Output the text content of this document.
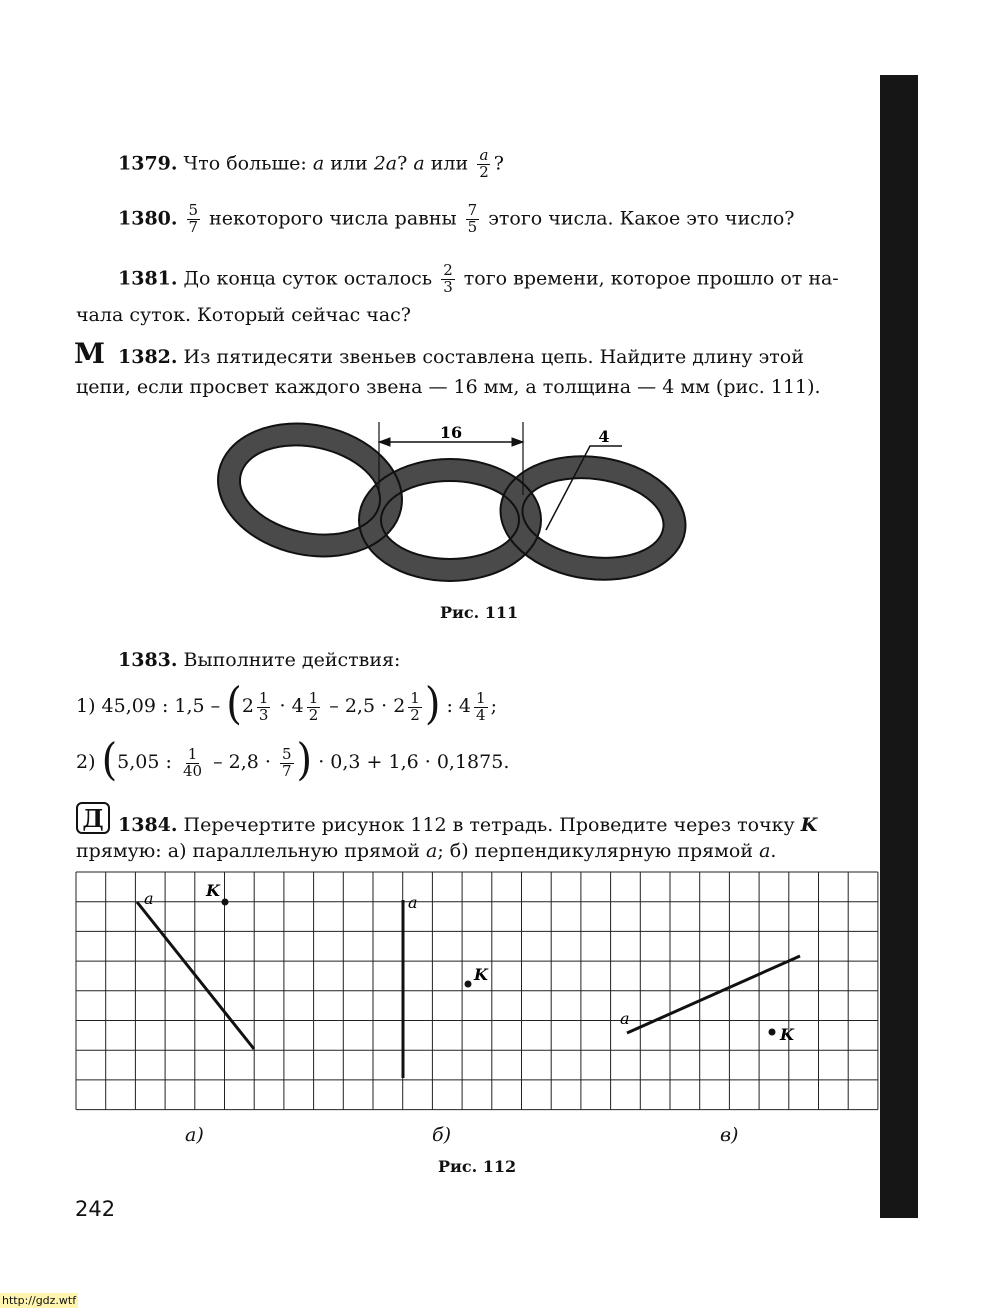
1379. Что больше: a или 2a? a или $\frac{a}{2}$ ?
1380. $\frac{5}{7}$ некоторого числа равны $\frac{7}{5}$ этого числа. Какое это число?
1381. До конца суток осталось $\frac{2}{3}$ того времени, которое прошло от на-
чала суток. Который сейчас час?
М 1382. Из пятидесяти звеньев составлена цепь. Найдите длину этой
цепи, если просвет каждого звена — 16 мм, а толщина — 4 мм (рис. 111).
16	4
Рис. 111
1383. Выполните действия:
1) 45,09 : $1,5 - (2 \frac{1}{3} \cdot 4 \frac{1}{2} - 2,5 \cdot 2 \frac{1}{2}$ ) : $4 \frac{1}{4}$ ;
2) (5,05 : $\frac{1}{40} - 2,8 \cdot \frac{5}{7}$ ) · 0,3 + 1,6 · 0,1875.
Д 1384. Перечертите рисунок 112 в тетрадь. Проведите через точку K
прямую: а) параллельную прямой a; б) перпендикулярную прямой a.
a	K
a
K
a
K
а)	б)	в)
Рис. 112
242
http://gdz.wtf
